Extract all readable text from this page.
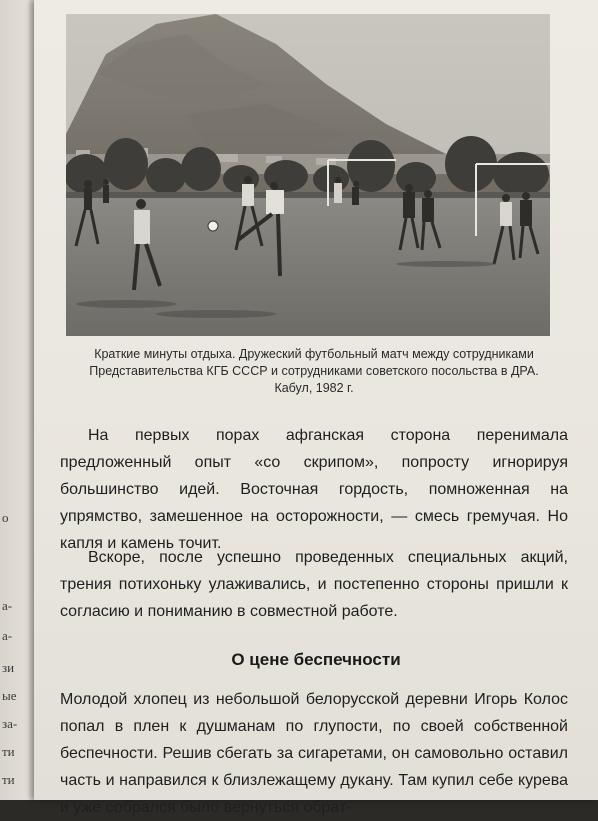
о
а-
а-
зи
ые
за-
ти
ти
Краткие минуты отдыха. Дружеский футбольный матч между сотрудниками
Представительства КГБ СССР и сотрудниками советского посольства в ДРА.
Кабул, 1982 г.

На первых порах афганская сторона перенимала предложенный опыт «со скрипом», попросту игнорируя большинство идей. Восточная гордость, помноженная на упрямство, замешенное на осторожности, — смесь гремучая. Но капля и камень точит.

Вскоре, после успешно проведенных специальных акций, трения потихоньку улаживались, и постепенно стороны пришли к согласию и пониманию в совместной работе.

О цене беспечности

Молодой хлопец из небольшой белорусской деревни Игорь Колос попал в плен к душманам по глупости, по своей собственной беспечности. Решив сбегать за сигаретами, он самовольно оставил часть и направился к близлежащему дукану. Там купил себе курева и уже собрался было вернуться обрат-
